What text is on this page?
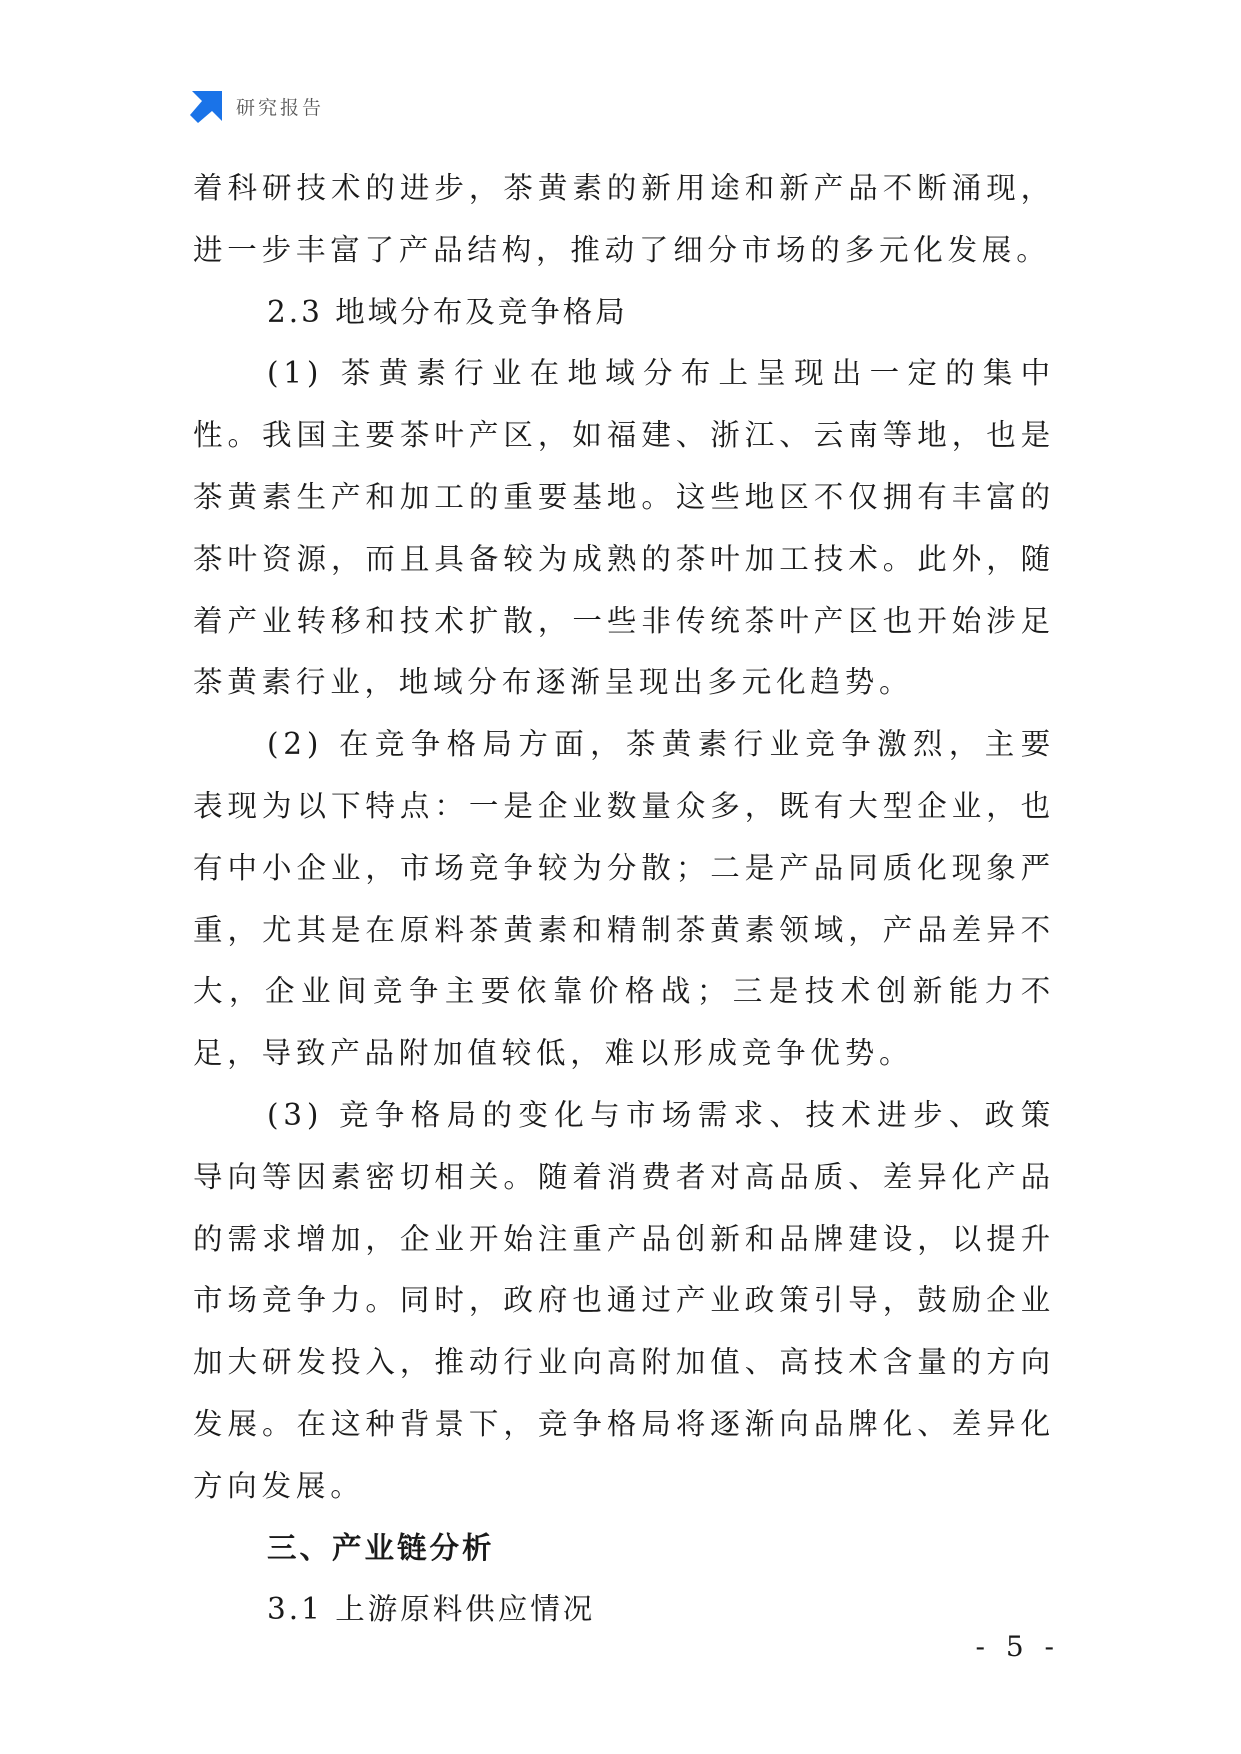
研究报告

着科研技术的进步，茶黄素的新用途和新产品不断涌现，进一步丰富了产品结构，推动了细分市场的多元化发展。

2.3 地域分布及竞争格局

(1) 茶黄素行业在地域分布上呈现出一定的集中性。我国主要茶叶产区，如福建、浙江、云南等地，也是茶黄素生产和加工的重要基地。这些地区不仅拥有丰富的茶叶资源，而且具备较为成熟的茶叶加工技术。此外，随着产业转移和技术扩散，一些非传统茶叶产区也开始涉足茶黄素行业，地域分布逐渐呈现出多元化趋势。

(2) 在竞争格局方面，茶黄素行业竞争激烈，主要表现为以下特点：一是企业数量众多，既有大型企业，也有中小企业，市场竞争较为分散；二是产品同质化现象严重，尤其是在原料茶黄素和精制茶黄素领域，产品差异不大，企业间竞争主要依靠价格战；三是技术创新能力不足，导致产品附加值较低，难以形成竞争优势。

(3) 竞争格局的变化与市场需求、技术进步、政策导向等因素密切相关。随着消费者对高品质、差异化产品的需求增加，企业开始注重产品创新和品牌建设，以提升市场竞争力。同时，政府也通过产业政策引导，鼓励企业加大研发投入，推动行业向高附加值、高技术含量的方向发展。在这种背景下，竞争格局将逐渐向品牌化、差异化方向发展。

三、产业链分析

3.1 上游原料供应情况

- 5 -
